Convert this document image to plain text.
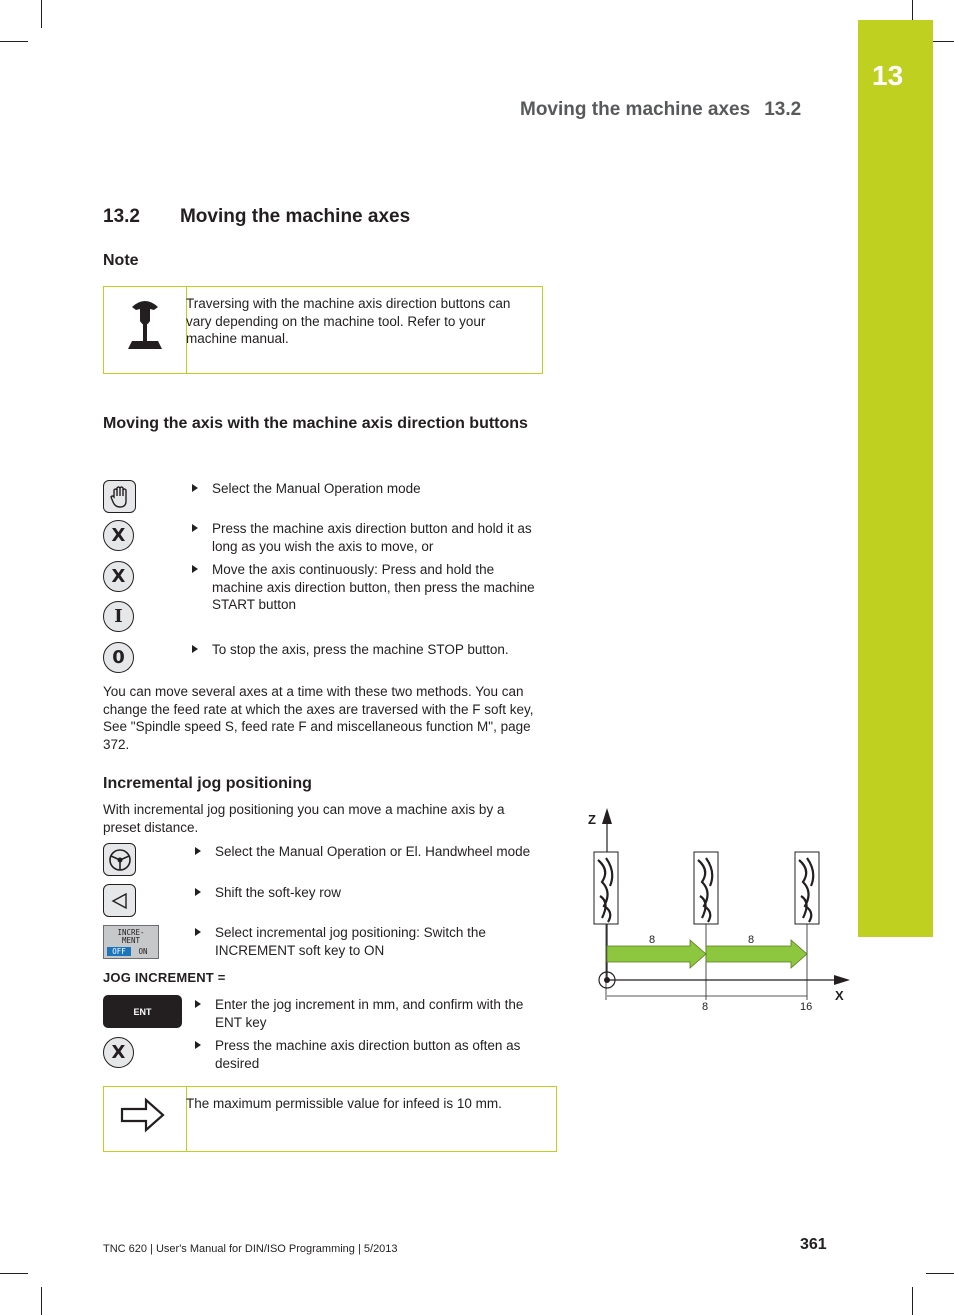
13
Moving the machine axes 13.2
13.2 Moving the machine axes
Note
Traversing with the machine axis direction buttons can vary depending on the machine tool. Refer to your machine manual.
Moving the axis with the machine axis direction buttons
X
X
I
0
Select the Manual Operation mode
Press the machine axis direction button and hold it as long as you wish the axis to move, or
Move the axis continuously: Press and hold the machine axis direction button, then press the machine START button
To stop the axis, press the machine STOP button.
You can move several axes at a time with these two methods. You can change the feed rate at which the axes are traversed with the F soft key, See "Spindle speed S, feed rate F and miscellaneous function M", page 372.
Incremental jog positioning
With incremental jog positioning you can move a machine axis by a preset distance.
INCRE-
MENT
OFF	ON
Select the Manual Operation or El. Handwheel mode
Shift the soft-key row
Select incremental jog positioning: Switch the INCREMENT soft key to ON
JOG INCREMENT =
ENT
X
Enter the jog increment in mm, and confirm with the ENT key
Press the machine axis direction button as often as desired
The maximum permissible value for infeed is 10 mm.
Z
X
8	8
8	16
TNC 620 | User's Manual for DIN/ISO Programming | 5/2013	361
